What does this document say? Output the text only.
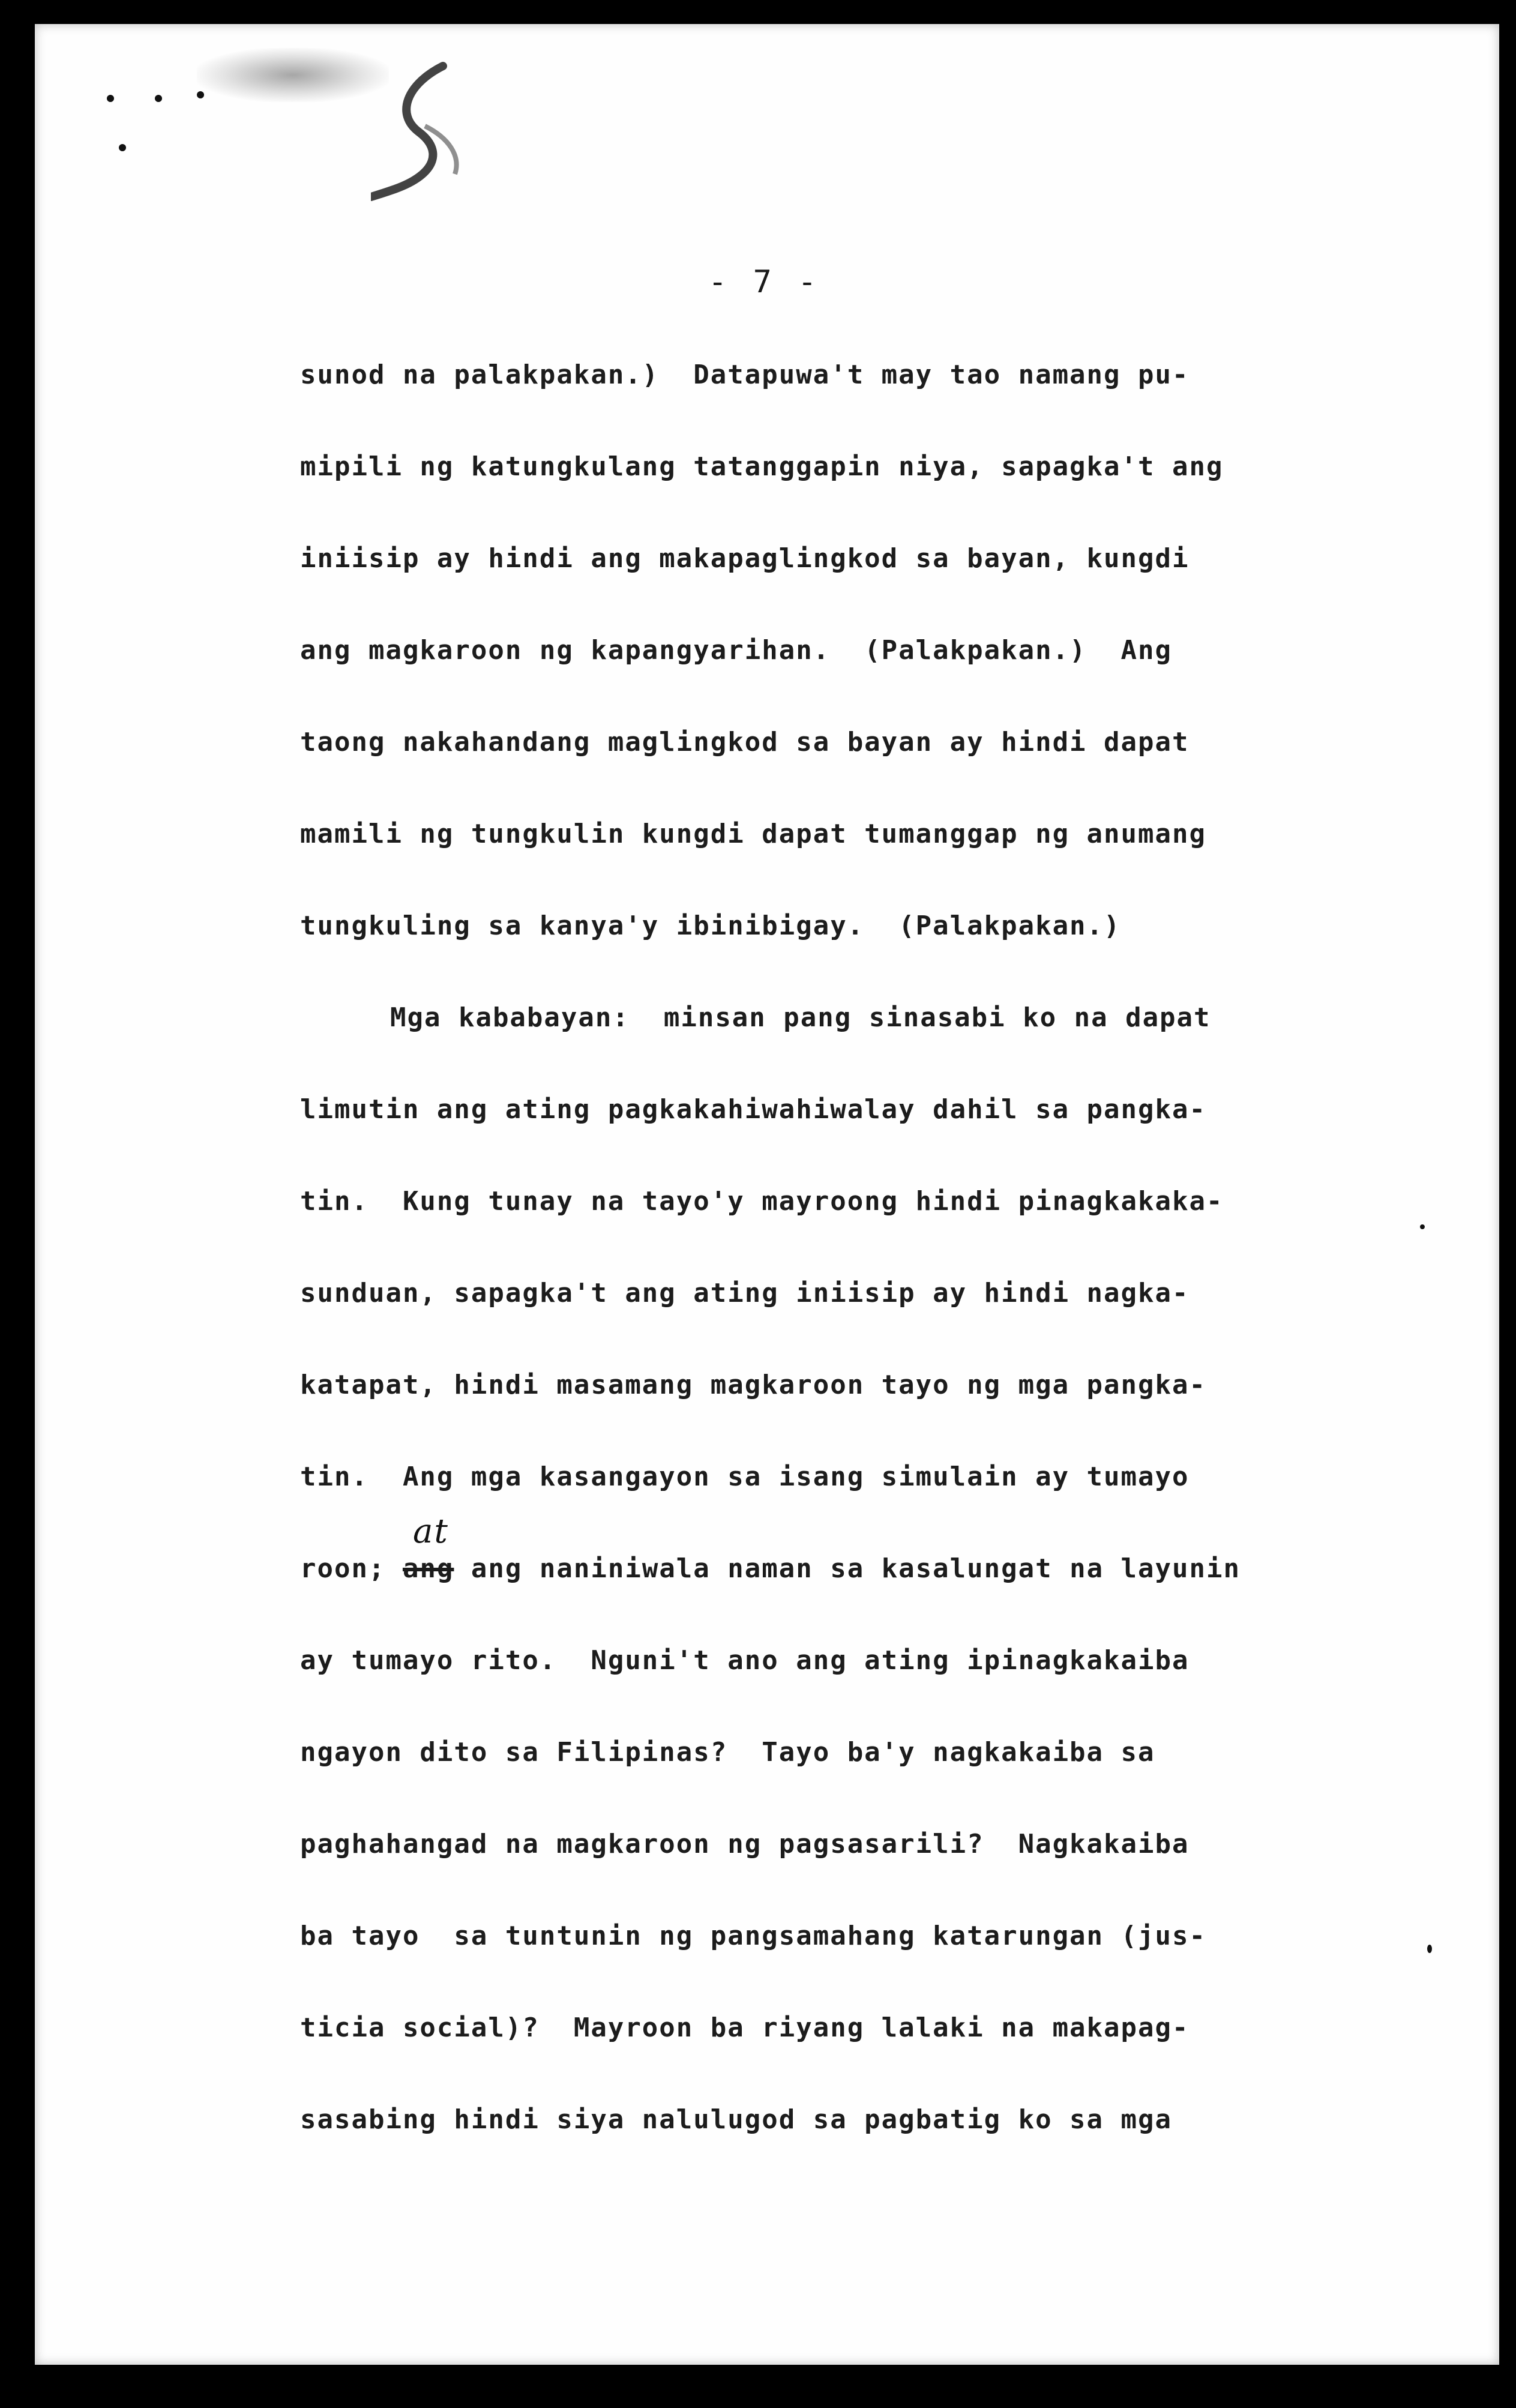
- 7 -
sunod na palakpakan.)  Datapuwa't may tao namang pu-
mipili ng katungkulang tatanggapin niya, sapagka't ang
iniisip ay hindi ang makapaglingkod sa bayan, kungdi
ang magkaroon ng kapangyarihan.  (Palakpakan.)  Ang
taong nakahandang maglingkod sa bayan ay hindi dapat
mamili ng tungkulin kungdi dapat tumanggap ng anumang
tungkuling sa kanya'y ibinibigay.  (Palakpakan.)
Mga kababayan:  minsan pang sinasabi ko na dapat
limutin ang ating pagkakahiwahiwalay dahil sa pangka-
tin.  Kung tunay na tayo'y mayroong hindi pinagkakaka-
sunduan, sapagka't ang ating iniisip ay hindi nagka-
katapat, hindi masamang magkaroon tayo ng mga pangka-
tin.  Ang mga kasangayon sa isang simulain ay tumayo
roon; ang ang naniniwala naman sa kasalungat na layunin
at
ay tumayo rito.  Nguni't ano ang ating ipinagkakaiba
ngayon dito sa Filipinas?  Tayo ba'y nagkakaiba sa
paghahangad na magkaroon ng pagsasarili?  Nagkakaiba
ba tayo  sa tuntunin ng pangsamahang katarungan (jus-
ticia social)?  Mayroon ba riyang lalaki na makapag-
sasabing hindi siya nalulugod sa pagbatig ko sa mga
